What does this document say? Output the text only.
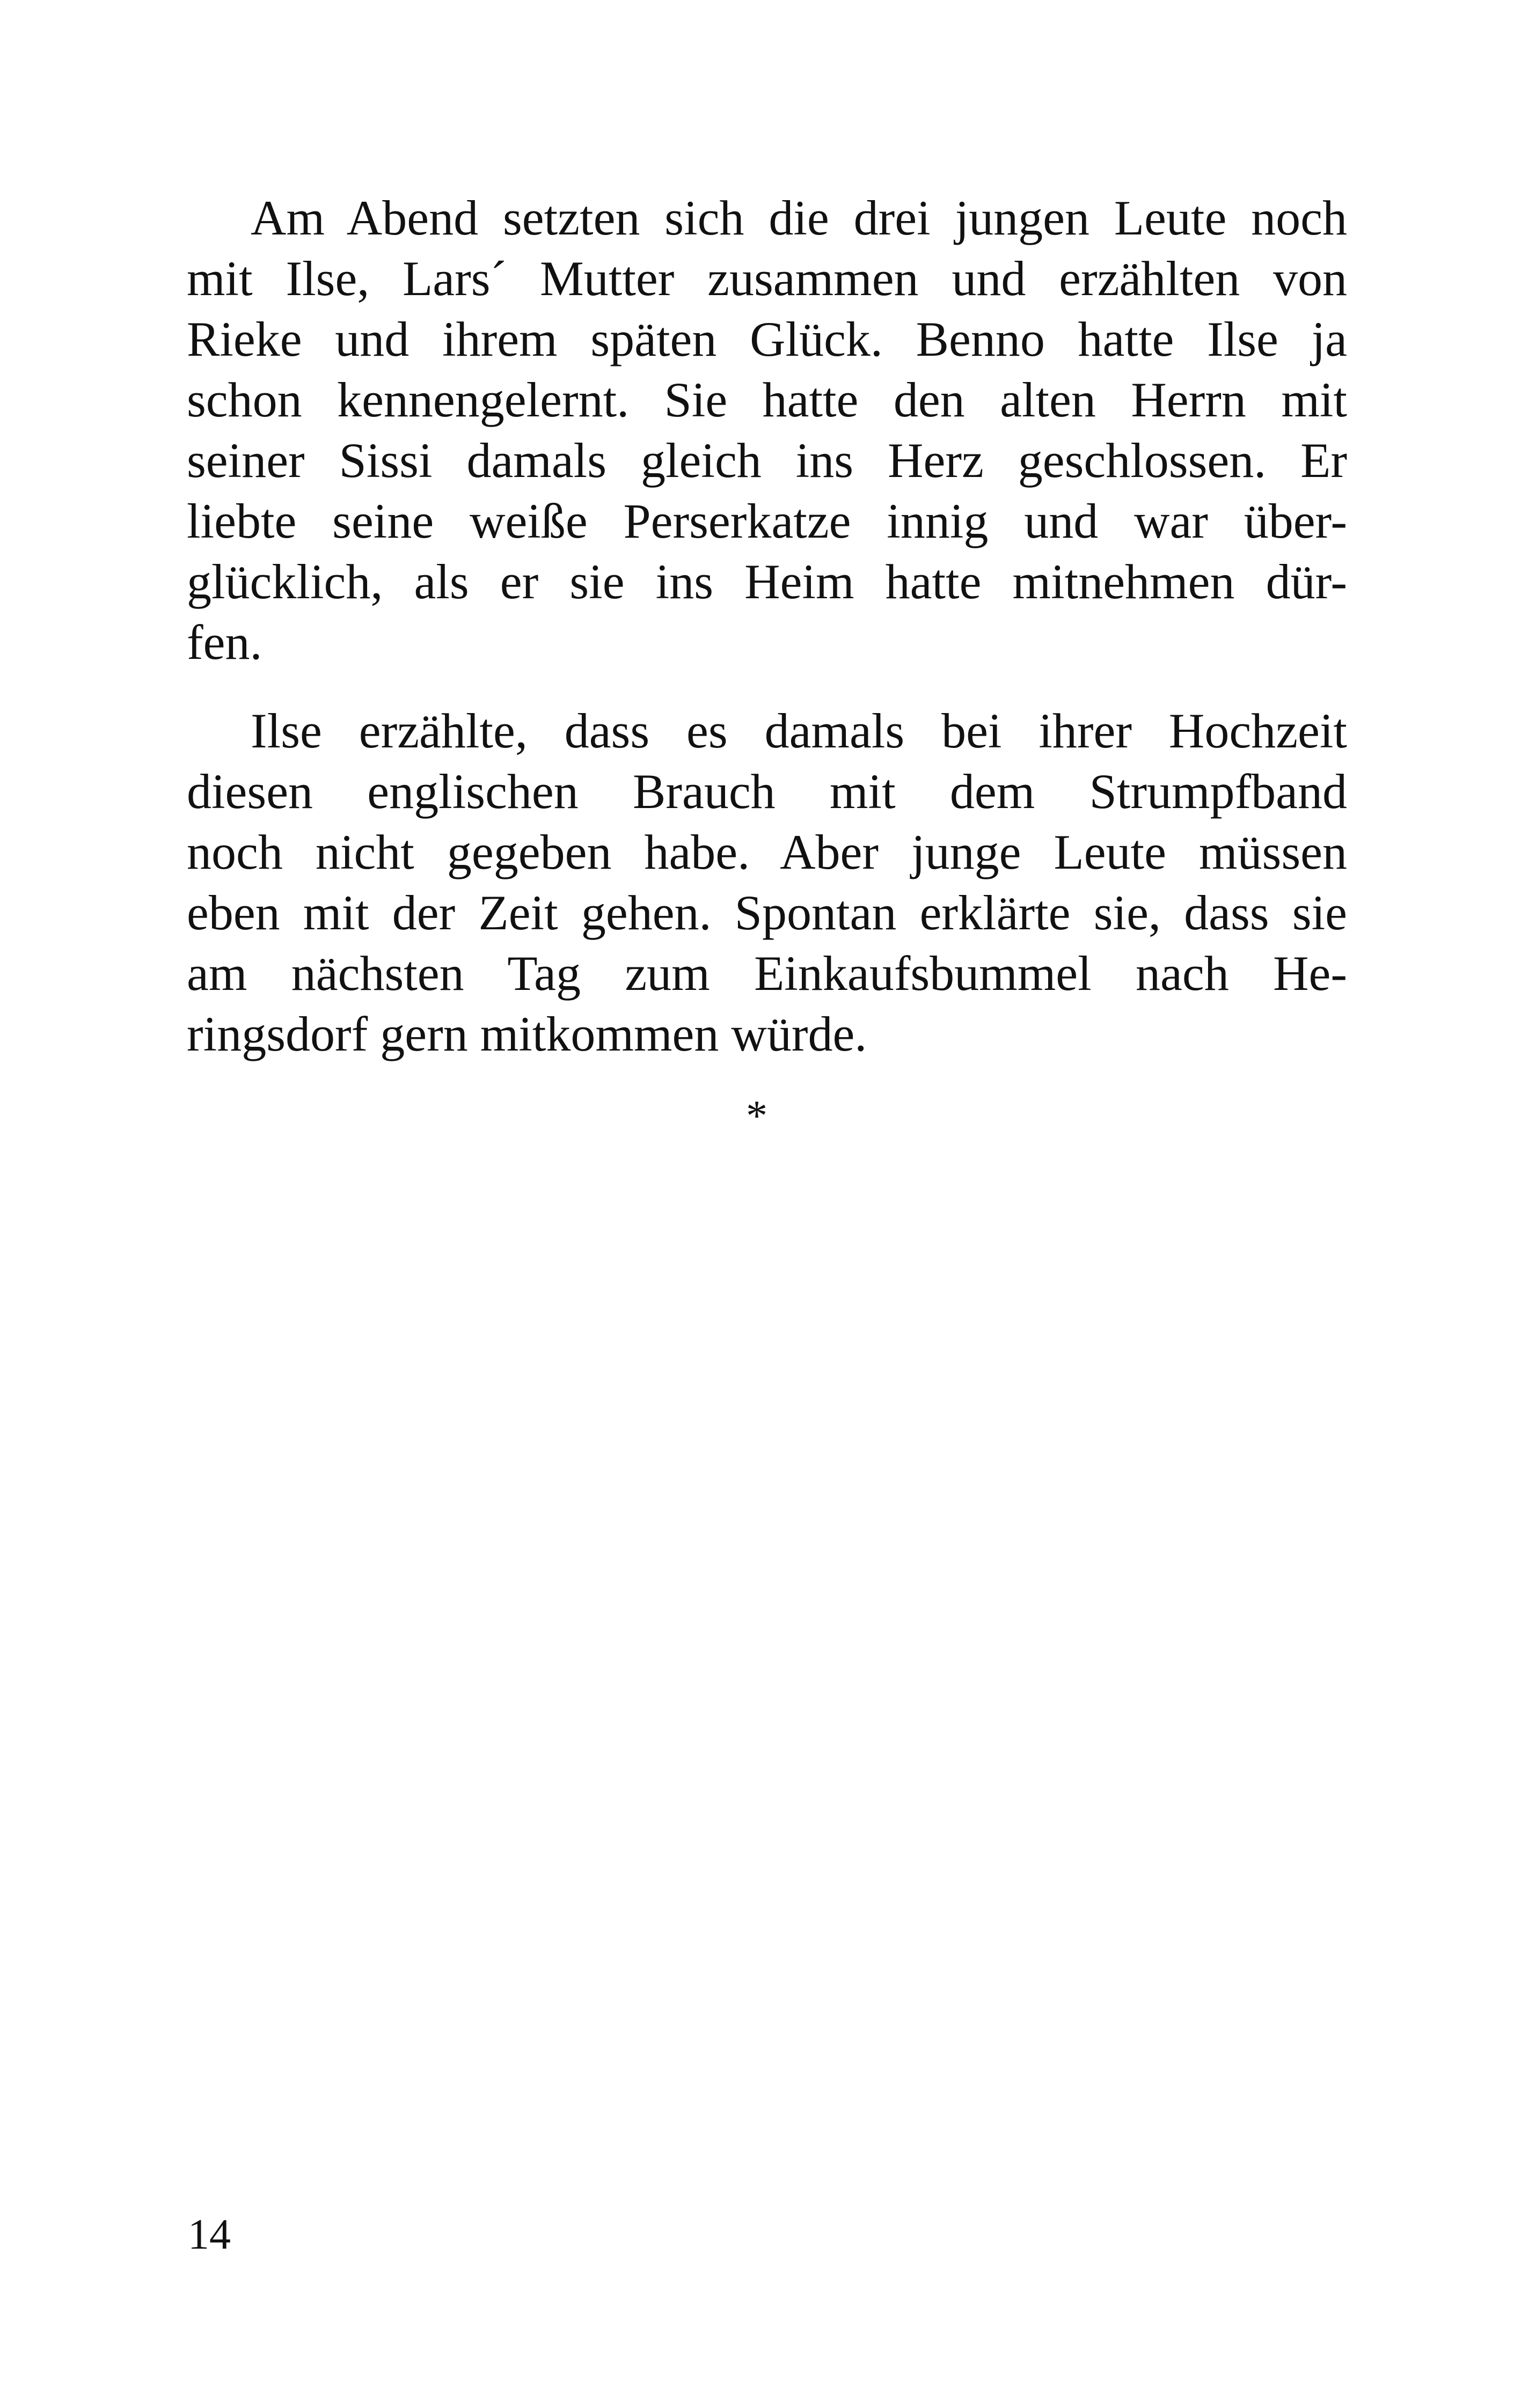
Am Abend setzten sich die drei jungen Leute noch
mit Ilse, Lars´ Mutter zusammen und erzählten von
Rieke und ihrem späten Glück. Benno hatte Ilse ja
schon kennengelernt. Sie hatte den alten Herrn mit
seiner Sissi damals gleich ins Herz geschlossen. Er
liebte seine weiße Perserkatze innig und war über-
glücklich, als er sie ins Heim hatte mitnehmen dür-
fen.
Ilse erzählte, dass es damals bei ihrer Hochzeit
diesen englischen Brauch mit dem Strumpfband
noch nicht gegeben habe. Aber junge Leute müssen
eben mit der Zeit gehen. Spontan erklärte sie, dass sie
am nächsten Tag zum Einkaufsbummel nach He-
ringsdorf gern mitkommen würde.
*
14
